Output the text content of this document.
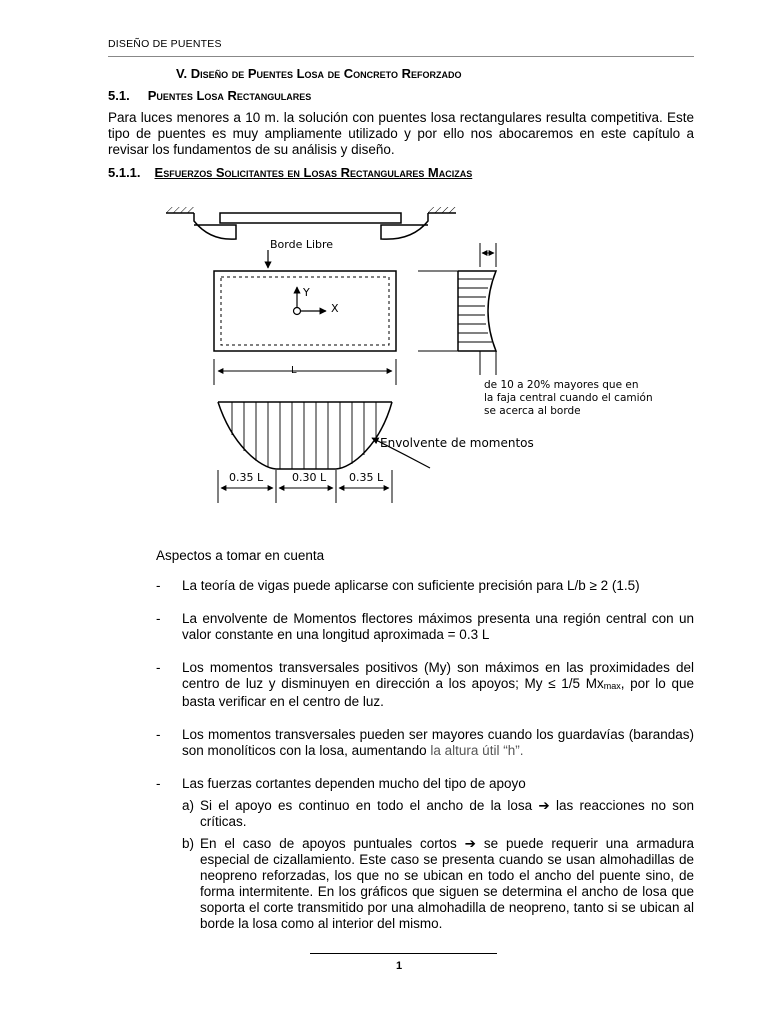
DISEÑO DE PUENTES
V. Diseño de Puentes Losa de Concreto Reforzado
5.1. Puentes Losa Rectangulares
Para luces menores a 10 m. la solución con puentes losa rectangulares resulta competitiva. Este tipo de puentes es muy ampliamente utilizado y por ello nos abocaremos en este capítulo a revisar los fundamentos de su análisis y diseño.
5.1.1. Esfuerzos Solicitantes en Losas Rectangulares Macizas
Borde Libre
Y
X
L
de 10 a 20% mayores que en
la faja central cuando el camión
se acerca al borde
Envolvente de momentos
0.35 L	0.30 L 0.35 L
Aspectos a tomar en cuenta
- La teoría de vigas puede aplicarse con suficiente precisión para L/b ≥ 2 (1.5)
- La envolvente de Momentos flectores máximos presenta una región central con un valor constante en una longitud aproximada = 0.3 L
- Los momentos transversales positivos (My) son máximos en las proximidades del centro de luz y disminuyen en dirección a los apoyos; My ≤ 1/5 $Mx_{max}$, por lo que basta verificar en el centro de luz.
- Los momentos transversales pueden ser mayores cuando los guardavías (barandas) son monolíticos con la losa, aumentando la altura útil “h”.
- Las fuerzas cortantes dependen mucho del tipo de apoyo
a) Si el apoyo es continuo en todo el ancho de la losa ➔ las reacciones no son críticas.
b) En el caso de apoyos puntuales cortos ➔ se puede requerir una armadura especial de cizallamiento. Este caso se presenta cuando se usan almohadillas de neopreno reforzadas, los que no se ubican en todo el ancho del puente sino, de forma intermitente. En los gráficos que siguen se determina el ancho de losa que soporta el corte transmitido por una almohadilla de neopreno, tanto si se ubican al borde la losa como al interior del mismo.
1
